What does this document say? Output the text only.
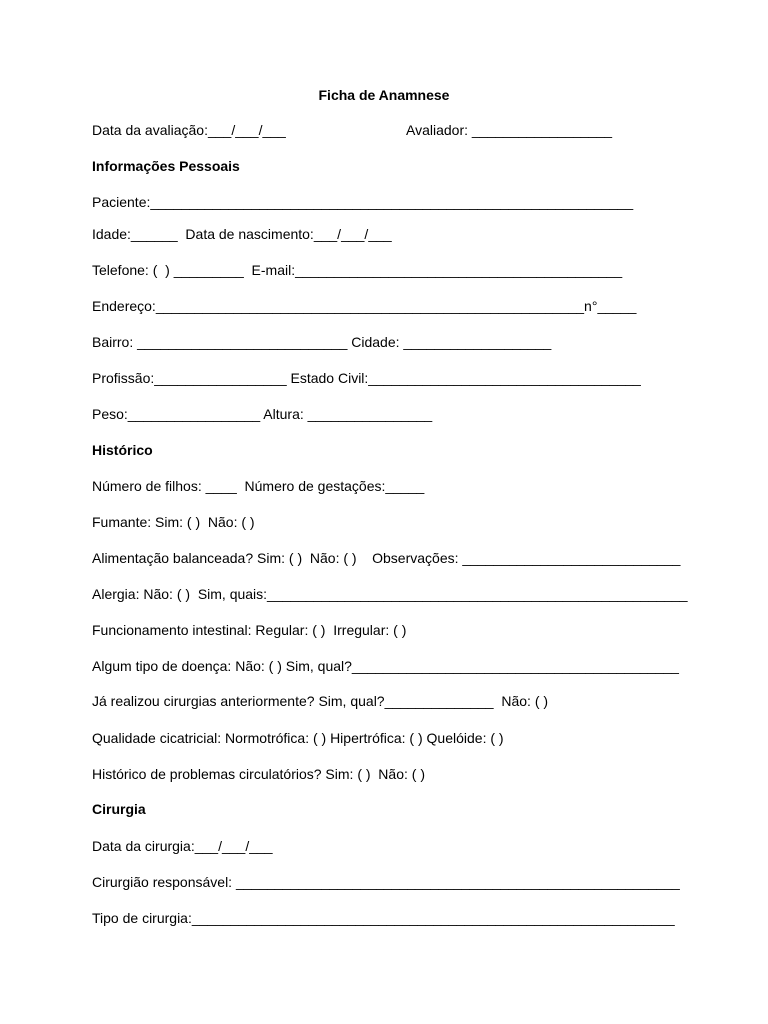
Ficha de Anamnese
Data da avaliação:___/___/___	Avaliador: __________________
Informações Pessoais
Paciente:______________________________________________________________
Idade:______  Data de nascimento:___/___/___
Telefone: (  ) _________  E-mail:__________________________________________
Endereço:_______________________________________________________n°_____
Bairro: ___________________________ Cidade: ___________________
Profissão:_________________ Estado Civil:___________________________________
Peso:_________________ Altura: ________________
Histórico
Número de filhos: ____  Número de gestações:_____
Fumante: Sim: ( )  Não: ( )
Alimentação balanceada? Sim: ( )  Não: ( )    Observações: ____________________________
Alergia: Não: ( )  Sim, quais:______________________________________________________
Funcionamento intestinal: Regular: ( )  Irregular: ( )
Algum tipo de doença: Não: ( ) Sim, qual?__________________________________________
Já realizou cirurgias anteriormente? Sim, qual?______________  Não: ( )
Qualidade cicatricial: Normotrófica: ( ) Hipertrófica: ( ) Quelóide: ( )
Histórico de problemas circulatórios? Sim: ( )  Não: ( )
Cirurgia
Data da cirurgia:___/___/___
Cirurgião responsável: _________________________________________________________
Tipo de cirurgia:______________________________________________________________
